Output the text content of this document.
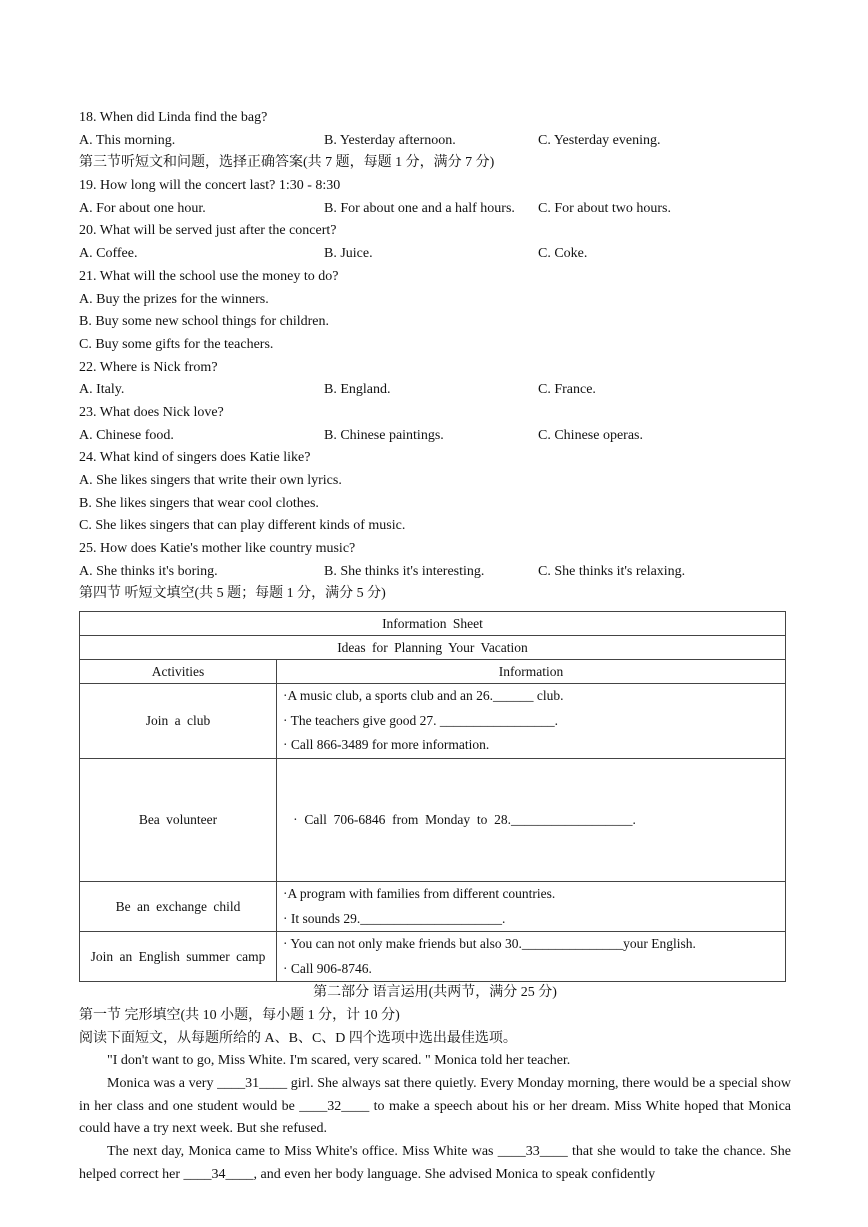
18. When did Linda find the bag?
A. This morning.	B. Yesterday afternoon.	C. Yesterday evening.
第三节听短文和问题，选择正确答案(共 7 题，每题 1 分，满分 7 分)
19. How long will the concert last? 1:30 - 8:30
A. For about one hour.	B. For about one and a half hours. C. For about two hours.
20. What will be served just after the concert?
A. Coffee.	B. Juice.	C. Coke.
21. What will the school use the money to do?
A. Buy the prizes for the winners.
B. Buy some new school things for children.
C. Buy some gifts for the teachers.
22. Where is Nick from?
A. Italy.	B. England.	C. France.
23. What does Nick love?
A. Chinese food.	B. Chinese paintings.	C. Chinese operas.
24. What kind of singers does Katie like?
A. She likes singers that write their own lyrics.
B. She likes singers that wear cool clothes.
C. She likes singers that can play different kinds of music.
25. How does Katie's mother like country music?
A. She thinks it's boring.	B. She thinks it's interesting.	C. She thinks it's relaxing.
第四节 听短文填空(共 5 题；每题 1 分，满分 5 分)
Information Sheet	
Ideas for Planning Your Vacation	
Activities	Information
Join a club	·A music club, a sports club and an 26.______ club.
· The teachers give good 27. _________________.
· Call 866-3489 for more information.

Bea volunteer	·  Call  706-6846  from  Monday  to  28.__________________.

Be an exchange child	·A program with families from different countries.
· It sounds 29._____________________.

Join an English summer camp	· You can not only make friends but also 30._______________your English.
· Call 906-8746.
第二部分 语言运用(共两节，满分 25 分)
第一节 完形填空(共 10 小题，每小题 1 分，计 10 分)
阅读下面短文，从每题所给的 A、B、C、D 四个选项中选出最佳选项。
"I don't want to go, Miss White. I'm scared, very scared. " Monica told her teacher.
Monica was a very ____31____ girl. She always sat there quietly. Every Monday morning, there would be a special show in her class and one student would be ____32____ to make a speech about his or her dream. Miss White hoped that Monica could have a try next week. But she refused.
The next day, Monica came to Miss White's office. Miss White was ____33____ that she would to take the chance. She helped correct her ____34____, and even her body language. She advised Monica to speak confidently
